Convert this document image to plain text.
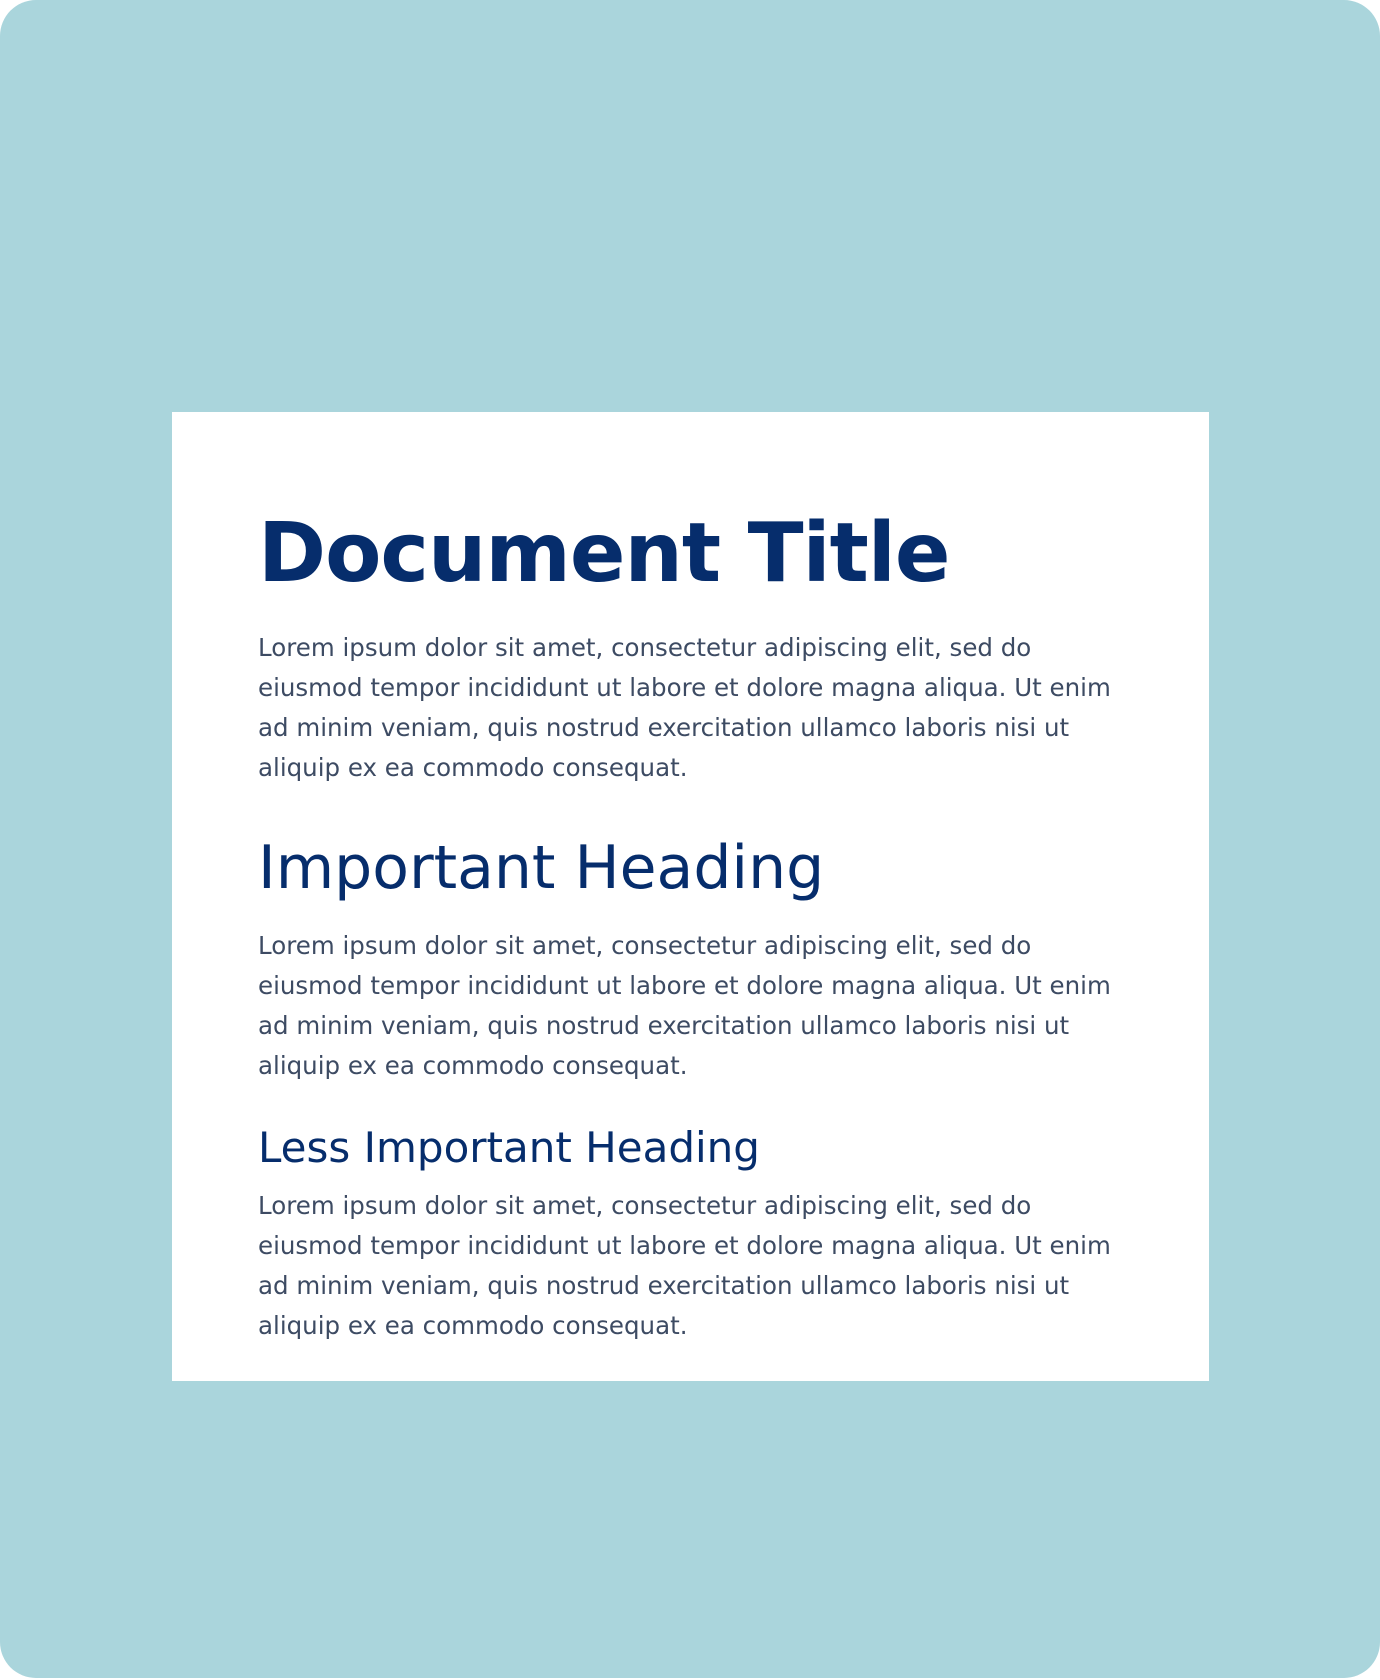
Document Title

Lorem ipsum dolor sit amet, consectetur adipiscing elit, sed do eiusmod tempor incididunt ut labore et dolore magna aliqua. Ut enim ad minim veniam, quis nostrud exercitation ullamco laboris nisi ut aliquip ex ea commodo consequat.

Important Heading

Lorem ipsum dolor sit amet, consectetur adipiscing elit, sed do eiusmod tempor incididunt ut labore et dolore magna aliqua. Ut enim ad minim veniam, quis nostrud exercitation ullamco laboris nisi ut aliquip ex ea commodo consequat.

Less Important Heading

Lorem ipsum dolor sit amet, consectetur adipiscing elit, sed do eiusmod tempor incididunt ut labore et dolore magna aliqua. Ut enim ad minim veniam, quis nostrud exercitation ullamco laboris nisi ut aliquip ex ea commodo consequat.
